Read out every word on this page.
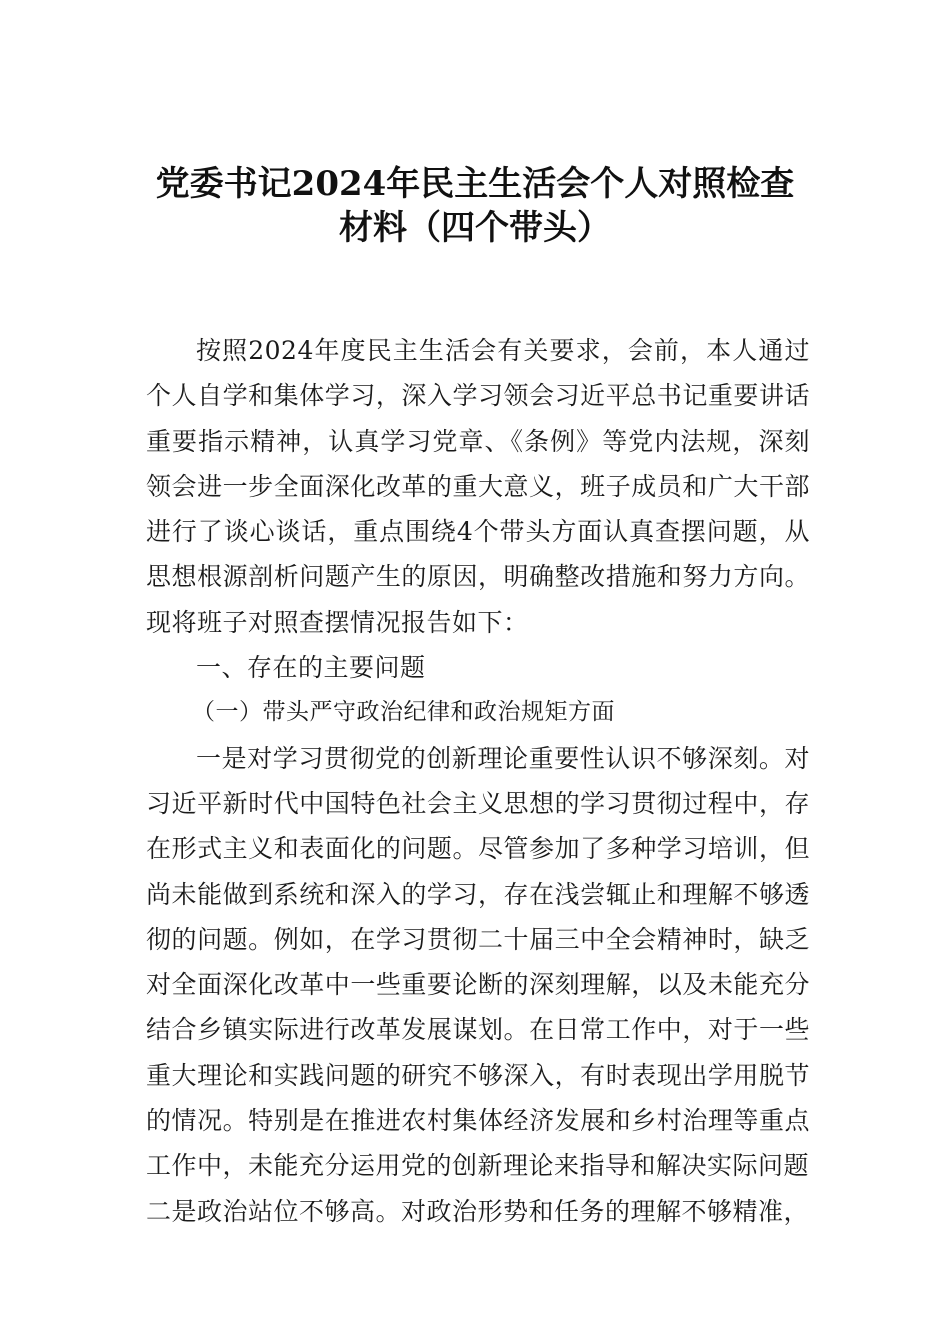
党委书记2024年民主生活会个人对照检查
材料（四个带头）

按照2024年度民主生活会有关要求，会前，本人通过个人自学和集体学习，深入学习领会习近平总书记重要讲话重要指示精神，认真学习党章、《条例》等党内法规，深刻领会进一步全面深化改革的重大意义，班子成员和广大干部进行了谈心谈话，重点围绕4个带头方面认真查摆问题，从思想根源剖析问题产生的原因，明确整改措施和努力方向。现将班子对照查摆情况报告如下：

一、存在的主要问题

（一）带头严守政治纪律和政治规矩方面

一是对学习贯彻党的创新理论重要性认识不够深刻。对习近平新时代中国特色社会主义思想的学习贯彻过程中，存在形式主义和表面化的问题。尽管参加了多种学习培训，但尚未能做到系统和深入的学习，存在浅尝辄止和理解不够透彻的问题。例如，在学习贯彻二十届三中全会精神时，缺乏对全面深化改革中一些重要论断的深刻理解，以及未能充分结合乡镇实际进行改革发展谋划。在日常工作中，对于一些重大理论和实践问题的研究不够深入，有时表现出学用脱节的情况。特别是在推进农村集体经济发展和乡村治理等重点工作中，未能充分运用党的创新理论来指导和解决实际问题
二是政治站位不够高。对政治形势和任务的理解不够精准，
